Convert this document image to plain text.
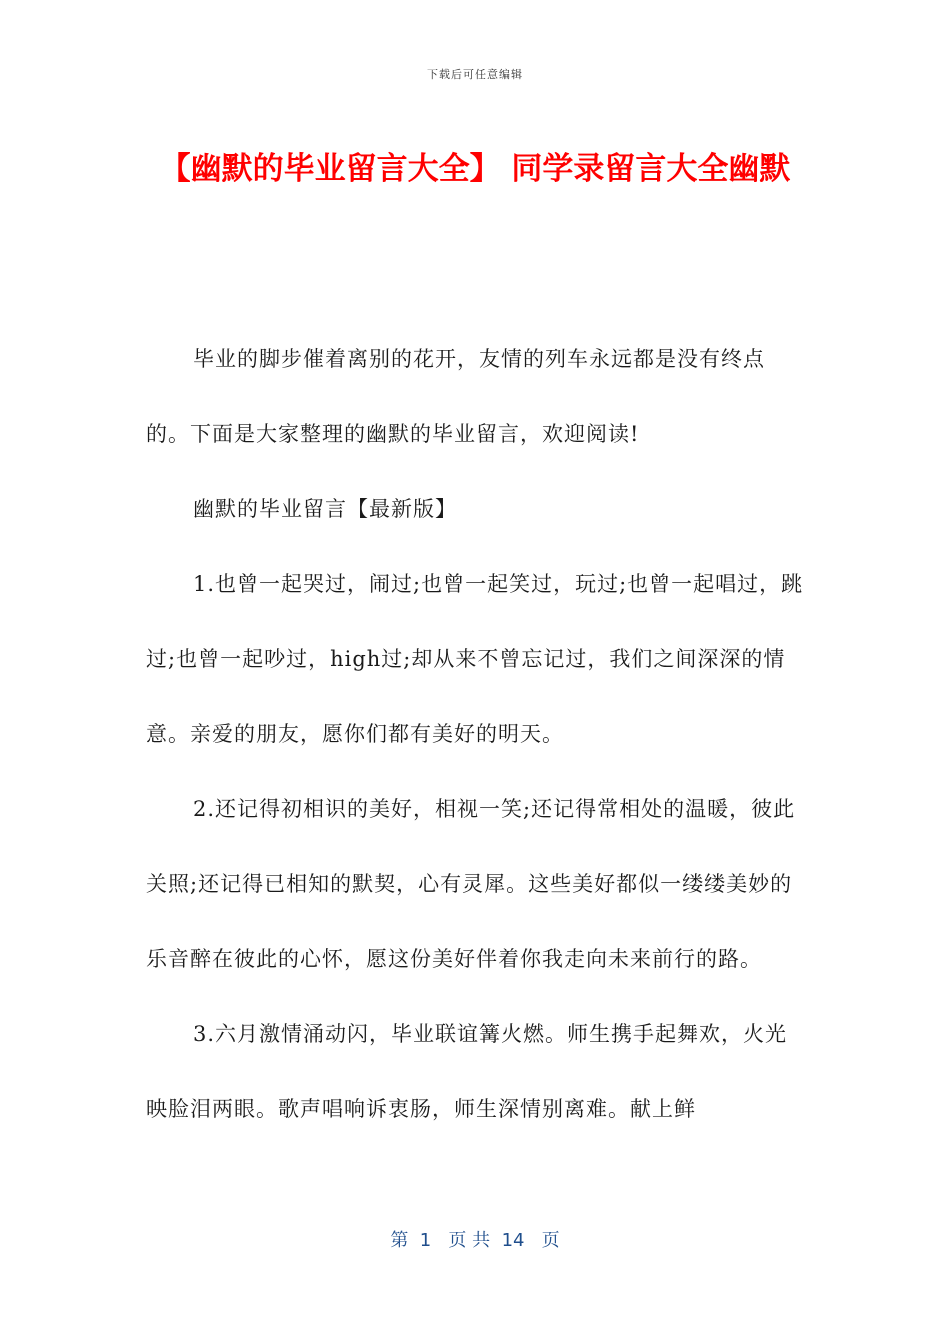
下载后可任意编辑
【幽默的毕业留言大全】 同学录留言大全幽默

毕业的脚步催着离别的花开，友情的列车永远都是没有终点的。下面是大家整理的幽默的毕业留言，欢迎阅读!

幽默的毕业留言【最新版】

1.也曾一起哭过，闹过;也曾一起笑过，玩过;也曾一起唱过，跳过;也曾一起吵过，high过;却从来不曾忘记过，我们之间深深的情意。亲爱的朋友，愿你们都有美好的明天。

2.还记得初相识的美好，相视一笑;还记得常相处的温暖，彼此关照;还记得已相知的默契，心有灵犀。这些美好都似一缕缕美妙的乐音醉在彼此的心怀，愿这份美好伴着你我走向未来前行的路。

3.六月激情涌动闪，毕业联谊篝火燃。师生携手起舞欢，火光映脸泪两眼。歌声唱响诉衷肠，师生深情别离难。献上鲜

第  1   页 共  14   页
